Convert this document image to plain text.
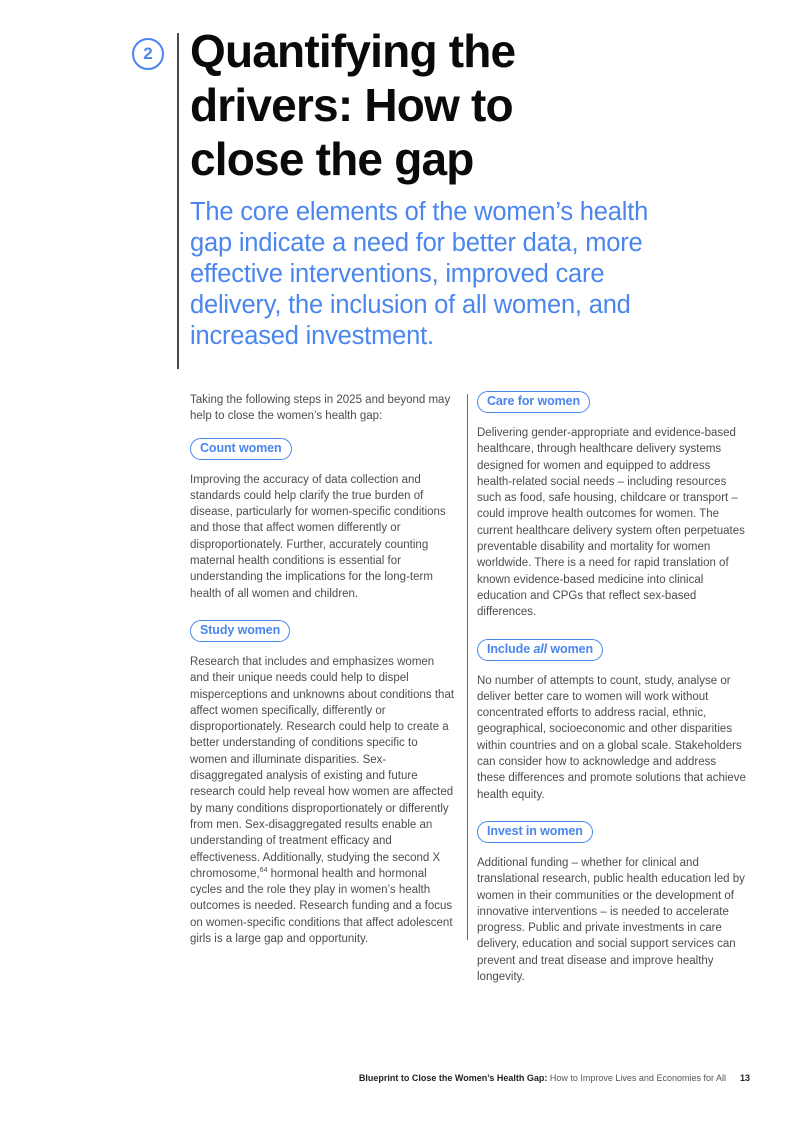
2 Quantifying the
drivers: How to
close the gap
The core elements of the women’s health gap indicate a need for better data, more effective interventions, improved care delivery, the inclusion of all women, and increased investment.

Taking the following steps in 2025 and beyond may help to close the women’s health gap:

Count women

Improving the accuracy of data collection and standards could help clarify the true burden of disease, particularly for women-specific conditions and those that affect women differently or disproportionately. Further, accurately counting maternal health conditions is essential for understanding the implications for the long-term health of all women and children.

Study women

Research that includes and emphasizes women and their unique needs could help to dispel misperceptions and unknowns about conditions that affect women specifically, differently or disproportionately. Research could help to create a better understanding of conditions specific to women and illuminate disparities. Sex-disaggregated analysis of existing and future research could help reveal how women are affected by many conditions disproportionately or differently from men. Sex-disaggregated results enable an understanding of treatment efficacy and effectiveness. Additionally, studying the second X chromosome,$^{64}$ hormonal health and hormonal cycles and the role they play in women’s health outcomes is needed. Research funding and a focus on women-specific conditions that affect adolescent girls is a large gap and opportunity.

Care for women

Delivering gender-appropriate and evidence-based healthcare, through healthcare delivery systems designed for women and equipped to address health-related social needs – including resources such as food, safe housing, childcare or transport – could improve health outcomes for women. The current healthcare delivery system often perpetuates preventable disability and mortality for women worldwide. There is a need for rapid translation of known evidence-based medicine into clinical education and CPGs that reflect sex-based differences.

Include all women

No number of attempts to count, study, analyse or deliver better care to women will work without concentrated efforts to address racial, ethnic, geographical, socioeconomic and other disparities within countries and on a global scale. Stakeholders can consider how to acknowledge and address these differences and promote solutions that achieve health equity.

Invest in women

Additional funding – whether for clinical and translational research, public health education led by women in their communities or the development of innovative interventions – is needed to accelerate progress. Public and private investments in care delivery, education and social support services can prevent and treat disease and improve healthy longevity.

Blueprint to Close the Women’s Health Gap: How to Improve Lives and Economies for All 13
